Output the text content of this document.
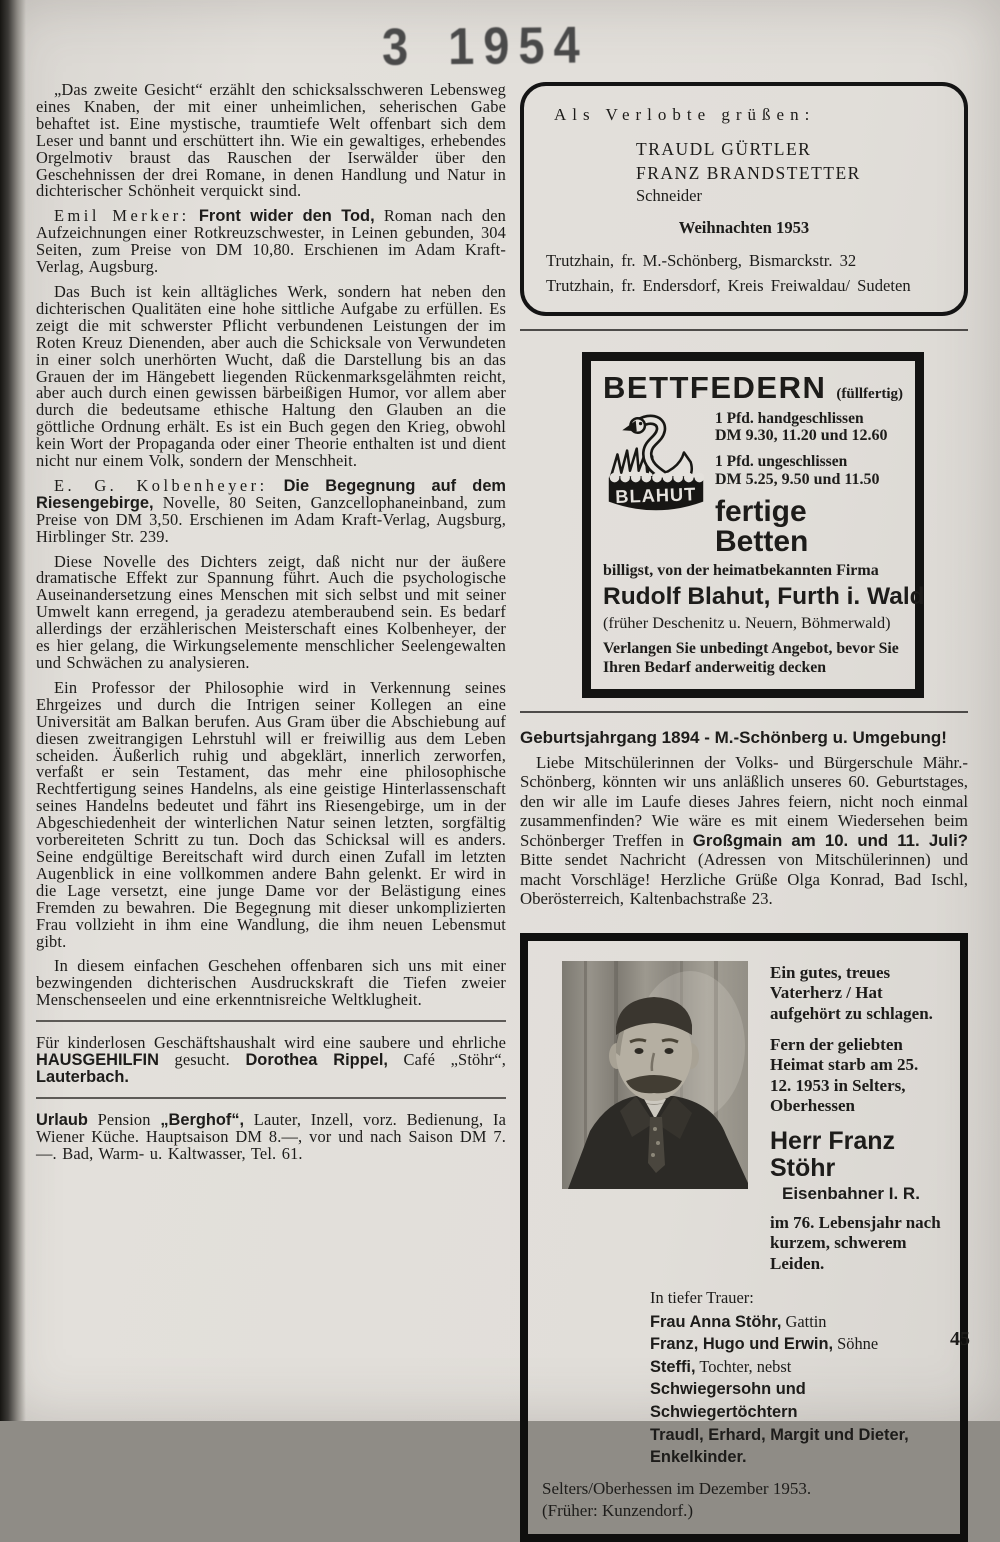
3 1954

„Das zweite Gesicht“ erzählt den schicksalsschweren Lebensweg eines Knaben, der mit einer unheimlichen, seherischen Gabe behaftet ist. Eine mystische, traumtiefe Welt offenbart sich dem Leser und bannt und erschüttert ihn. Wie ein gewaltiges, erhebendes Orgelmotiv braust das Rauschen der Iserwälder über den Geschehnissen der drei Romane, in denen Handlung und Natur in dichterischer Schönheit verquickt sind.

Emil Merker: Front wider den Tod, Roman nach den Aufzeichnungen einer Rotkreuzschwester, in Leinen gebunden, 304 Seiten, zum Preise von DM 10,80. Erschienen im Adam Kraft-Verlag, Augsburg.

Das Buch ist kein alltägliches Werk, sondern hat neben den dichterischen Qualitäten eine hohe sittliche Aufgabe zu erfüllen. Es zeigt die mit schwerster Pflicht verbundenen Leistungen der im Roten Kreuz Dienenden, aber auch die Schicksale von Verwundeten in einer solch unerhörten Wucht, daß die Darstellung bis an das Grauen der im Hängebett liegenden Rückenmarksgelähmten reicht, aber auch durch einen gewissen bärbeißigen Humor, vor allem aber durch die bedeutsame ethische Haltung den Glauben an die göttliche Ordnung erhält. Es ist ein Buch gegen den Krieg, obwohl kein Wort der Propaganda oder einer Theorie enthalten ist und dient nicht nur einem Volk, sondern der Menschheit.

E. G. Kolbenheyer: Die Begegnung auf dem Riesengebirge, Novelle, 80 Seiten, Ganzcellophaneinband, zum Preise von DM 3,50. Erschienen im Adam Kraft-Verlag, Augsburg, Hirblinger Str. 239.

Diese Novelle des Dichters zeigt, daß nicht nur der äußere dramatische Effekt zur Spannung führt. Auch die psychologische Auseinandersetzung eines Menschen mit sich selbst und mit seiner Umwelt kann erregend, ja geradezu atemberaubend sein. Es bedarf allerdings der erzählerischen Meisterschaft eines Kolbenheyer, der es hier gelang, die Wirkungselemente menschlicher Seelengewalten und Schwächen zu analysieren.

Ein Professor der Philosophie wird in Verkennung seines Ehrgeizes und durch die Intrigen seiner Kollegen an eine Universität am Balkan berufen. Aus Gram über die Abschiebung auf diesen zweitrangigen Lehrstuhl will er freiwillig aus dem Leben scheiden. Äußerlich ruhig und abgeklärt, innerlich zerworfen, verfaßt er sein Testament, das mehr eine philosophische Rechtfertigung seines Handelns, als eine geistige Hinterlassenschaft seines Handelns bedeutet und fährt ins Riesengebirge, um in der Abgeschiedenheit der winterlichen Natur seinen letzten, sorgfältig vorbereiteten Schritt zu tun. Doch das Schicksal will es anders. Seine endgültige Bereitschaft wird durch einen Zufall im letzten Augenblick in eine vollkommen andere Bahn gelenkt. Er wird in die Lage versetzt, eine junge Dame vor der Belästigung eines Fremden zu bewahren. Die Begegnung mit dieser unkomplizierten Frau vollzieht in ihm eine Wandlung, die ihm neuen Lebensmut gibt.

In diesem einfachen Geschehen offenbaren sich uns mit einer bezwingenden dichterischen Ausdruckskraft die Tiefen zweier Menschenseelen und eine erkenntnisreiche Weltklugheit.

Für kinderlosen Geschäftshaushalt wird eine saubere und ehrliche HAUSGEHILFIN gesucht. Dorothea Rippel, Café „Stöhr“, Lauterbach.

Urlaub Pension „Berghof“, Lauter, Inzell, vorz. Bedienung, Ia Wiener Küche. Hauptsaison DM 8.—, vor und nach Saison DM 7.—. Bad, Warm- u. Kaltwasser, Tel. 61.

Als Verlobte grüßen:
TRAUDL GÜRTLER
FRANZ BRANDSTETTER
Schneider
Weihnachten 1953
Trutzhain, fr. M.-Schönberg, Bismarckstr. 32
Trutzhain, fr. Endersdorf, Kreis Freiwaldau/ Sudeten
BETTFEDERN (füllfertig)
BLAHUT
1 Pfd. handgeschlissen
DM 9.30, 11.20 und 12.60
1 Pfd. ungeschlissen
DM 5.25, 9.50 und 11.50
fertige Betten
billigst, von der heimatbekannten Firma
Rudolf Blahut, Furth i. Wald
(früher Deschenitz u. Neuern, Böhmerwald)
Verlangen Sie unbedingt Angebot, bevor Sie Ihren Bedarf anderweitig decken

Geburtsjahrgang 1894 - M.-Schönberg u. Umgebung!

Liebe Mitschülerinnen der Volks- und Bürgerschule Mähr.-Schönberg, könnten wir uns anläßlich unseres 60. Geburtstages, den wir alle im Laufe dieses Jahres feiern, nicht noch einmal zusammenfinden? Wie wäre es mit einem Wiedersehen beim Schönberger Treffen in Großgmain am 10. und 11. Juli? Bitte sendet Nachricht (Adressen von Mitschülerinnen) und macht Vorschläge! Herzliche Grüße Olga Konrad, Bad Ischl, Oberösterreich, Kaltenbachstraße 23.

Ein gutes, treues Vaterherz / Hat aufgehört zu schlagen.

Fern der geliebten Heimat starb am 25. 12. 1953 in Selters, Oberhessen

Herr Franz Stöhr
Eisenbahner I. R.

im 76. Lebensjahr nach kurzem, schwerem Leiden.

In tiefer Trauer:
Frau Anna Stöhr, Gattin
Franz, Hugo und Erwin, Söhne
Steffi, Tochter, nebst
Schwiegersohn und Schwiegertöchtern
Traudl, Erhard, Margit und Dieter,
Enkelkinder.
Selters/Oberhessen im Dezember 1953.
(Früher: Kunzendorf.)
45
